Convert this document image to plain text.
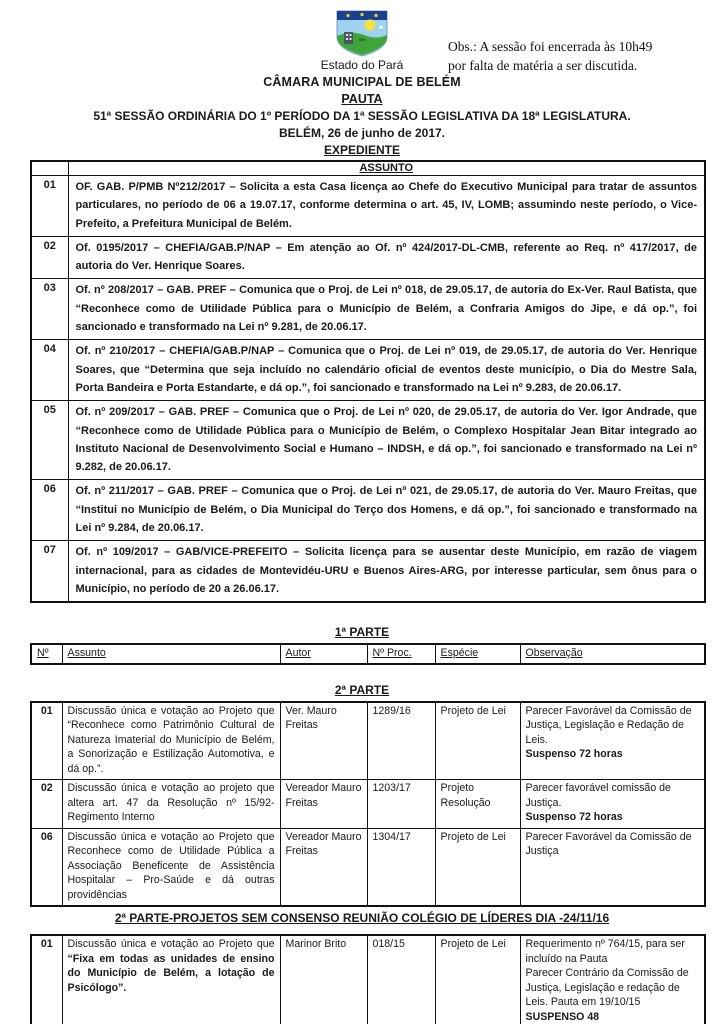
Obs.: A sessão foi encerrada às 10h49
por falta de matéria a ser discutida.
Estado do Pará
CÂMARA MUNICIPAL DE BELÉM
PAUTA
51ª SESSÃO ORDINÁRIA DO 1º PERÍODO DA 1ª SESSÃO LEGISLATIVA DA 18ª LEGISLATURA.
BELÉM, 26 de junho de 2017.
EXPEDIENTE
	ASSUNTO
01	OF. GAB. P/PMB Nº212/2017 – Solicita a esta Casa licença ao Chefe do Executivo Municipal para tratar de assuntos particulares, no período de 06 a 19.07.17, conforme determina o art. 45, IV, LOMB; assumindo neste período, o Vice-Prefeito, a Prefeitura Municipal de Belém.
02	Of. 0195/2017 – CHEFIA/GAB.P/NAP – Em atenção ao Of. nº 424/2017-DL-CMB, referente ao Req. nº 417/2017, de autoria do Ver. Henrique Soares.
03	Of. nº 208/2017 – GAB. PREF – Comunica que o Proj. de Lei nº 018, de 29.05.17, de autoria do Ex-Ver. Raul Batista, que “Reconhece como de Utilidade Pública para o Município de Belém, a Confraria Amigos do Jipe, e dá op.”, foi sancionado e transformado na Lei nº 9.281, de 20.06.17.
04	Of. nº 210/2017 – CHEFIA/GAB.P/NAP – Comunica que o Proj. de Lei nº 019, de 29.05.17, de autoria do Ver. Henrique Soares, que “Determina que seja incluído no calendário oficial de eventos deste município, o Dia do Mestre Sala, Porta Bandeira e Porta Estandarte, e dá op.”, foi sancionado e transformado na Lei nº 9.283, de 20.06.17.
05	Of. nº 209/2017 – GAB. PREF – Comunica que o Proj. de Lei nº 020, de 29.05.17, de autoria do Ver. Igor Andrade, que “Reconhece como de Utilidade Pública para o Município de Belém, o Complexo Hospitalar Jean Bitar integrado ao Instituto Nacional de Desenvolvimento Social e Humano – INDSH, e dá op.”, foi sancionado e transformado na Lei nº 9.282, de 20.06.17.
06	Of. nº 211/2017 – GAB. PREF – Comunica que o Proj. de Lei nº 021, de 29.05.17, de autoria do Ver. Mauro Freitas, que “Institui no Município de Belém, o Dia Municipal do Terço dos Homens, e dá op.”, foi sancionado e transformado na Lei nº 9.284, de 20.06.17.
07	Of. nº 109/2017 – GAB/VICE-PREFEITO – Solicita licença para se ausentar deste Município, em razão de viagem internacional, para as cidades de Montevidéu-URU e Buenos Aires-ARG, por interesse particular, sem ônus para o Município, no período de 20 a 26.06.17.
1ª PARTE
Nº	Assunto	Autor	Nº Proc.	Espécie	Observação
2ª PARTE
01	Discussão única e votação ao Projeto que “Reconhece como Patrimônio Cultural de Natureza Imaterial do Município de Belém, a Sonorização e Estilização Automotiva, e dá op.”.	Ver. Mauro Freitas	1289/16	Projeto de Lei	Parecer Favorável da Comissão de Justiça, Legislação e Redação de Leis.
Suspenso 72 horas

02	Discussão única e votação ao projeto que altera art. 47 da Resolução nº 15/92-Regimento Interno	Vereador Mauro Freitas	1203/17	Projeto Resolução	Parecer favorável comissão de Justiça.
Suspenso 72 horas

06	Discussão única e votação ao Projeto que Reconhece como de Utilidade Pública a Associação Beneficente de Assistência Hospitalar – Pro-Saúde e dá outras providências	Vereador Mauro Freitas	1304/17	Projeto de Lei	Parecer Favorável da Comissão de Justiça
2ª PARTE-PROJETOS SEM CONSENSO REUNIÃO COLÉGIO DE LÍDERES DIA -24/11/16
01	Discussão única e votação ao Projeto que “Fixa em todas as unidades de ensino do Município de Belém, a lotação de Psicólogo”.	Marinor Brito	018/15	Projeto de Lei	Requerimento nº 764/15, para ser incluído na Pauta
Parecer Contrário da Comissão de Justiça, Legislação e redação de Leis. Pauta em 19/10/15
SUSPENSO 48
